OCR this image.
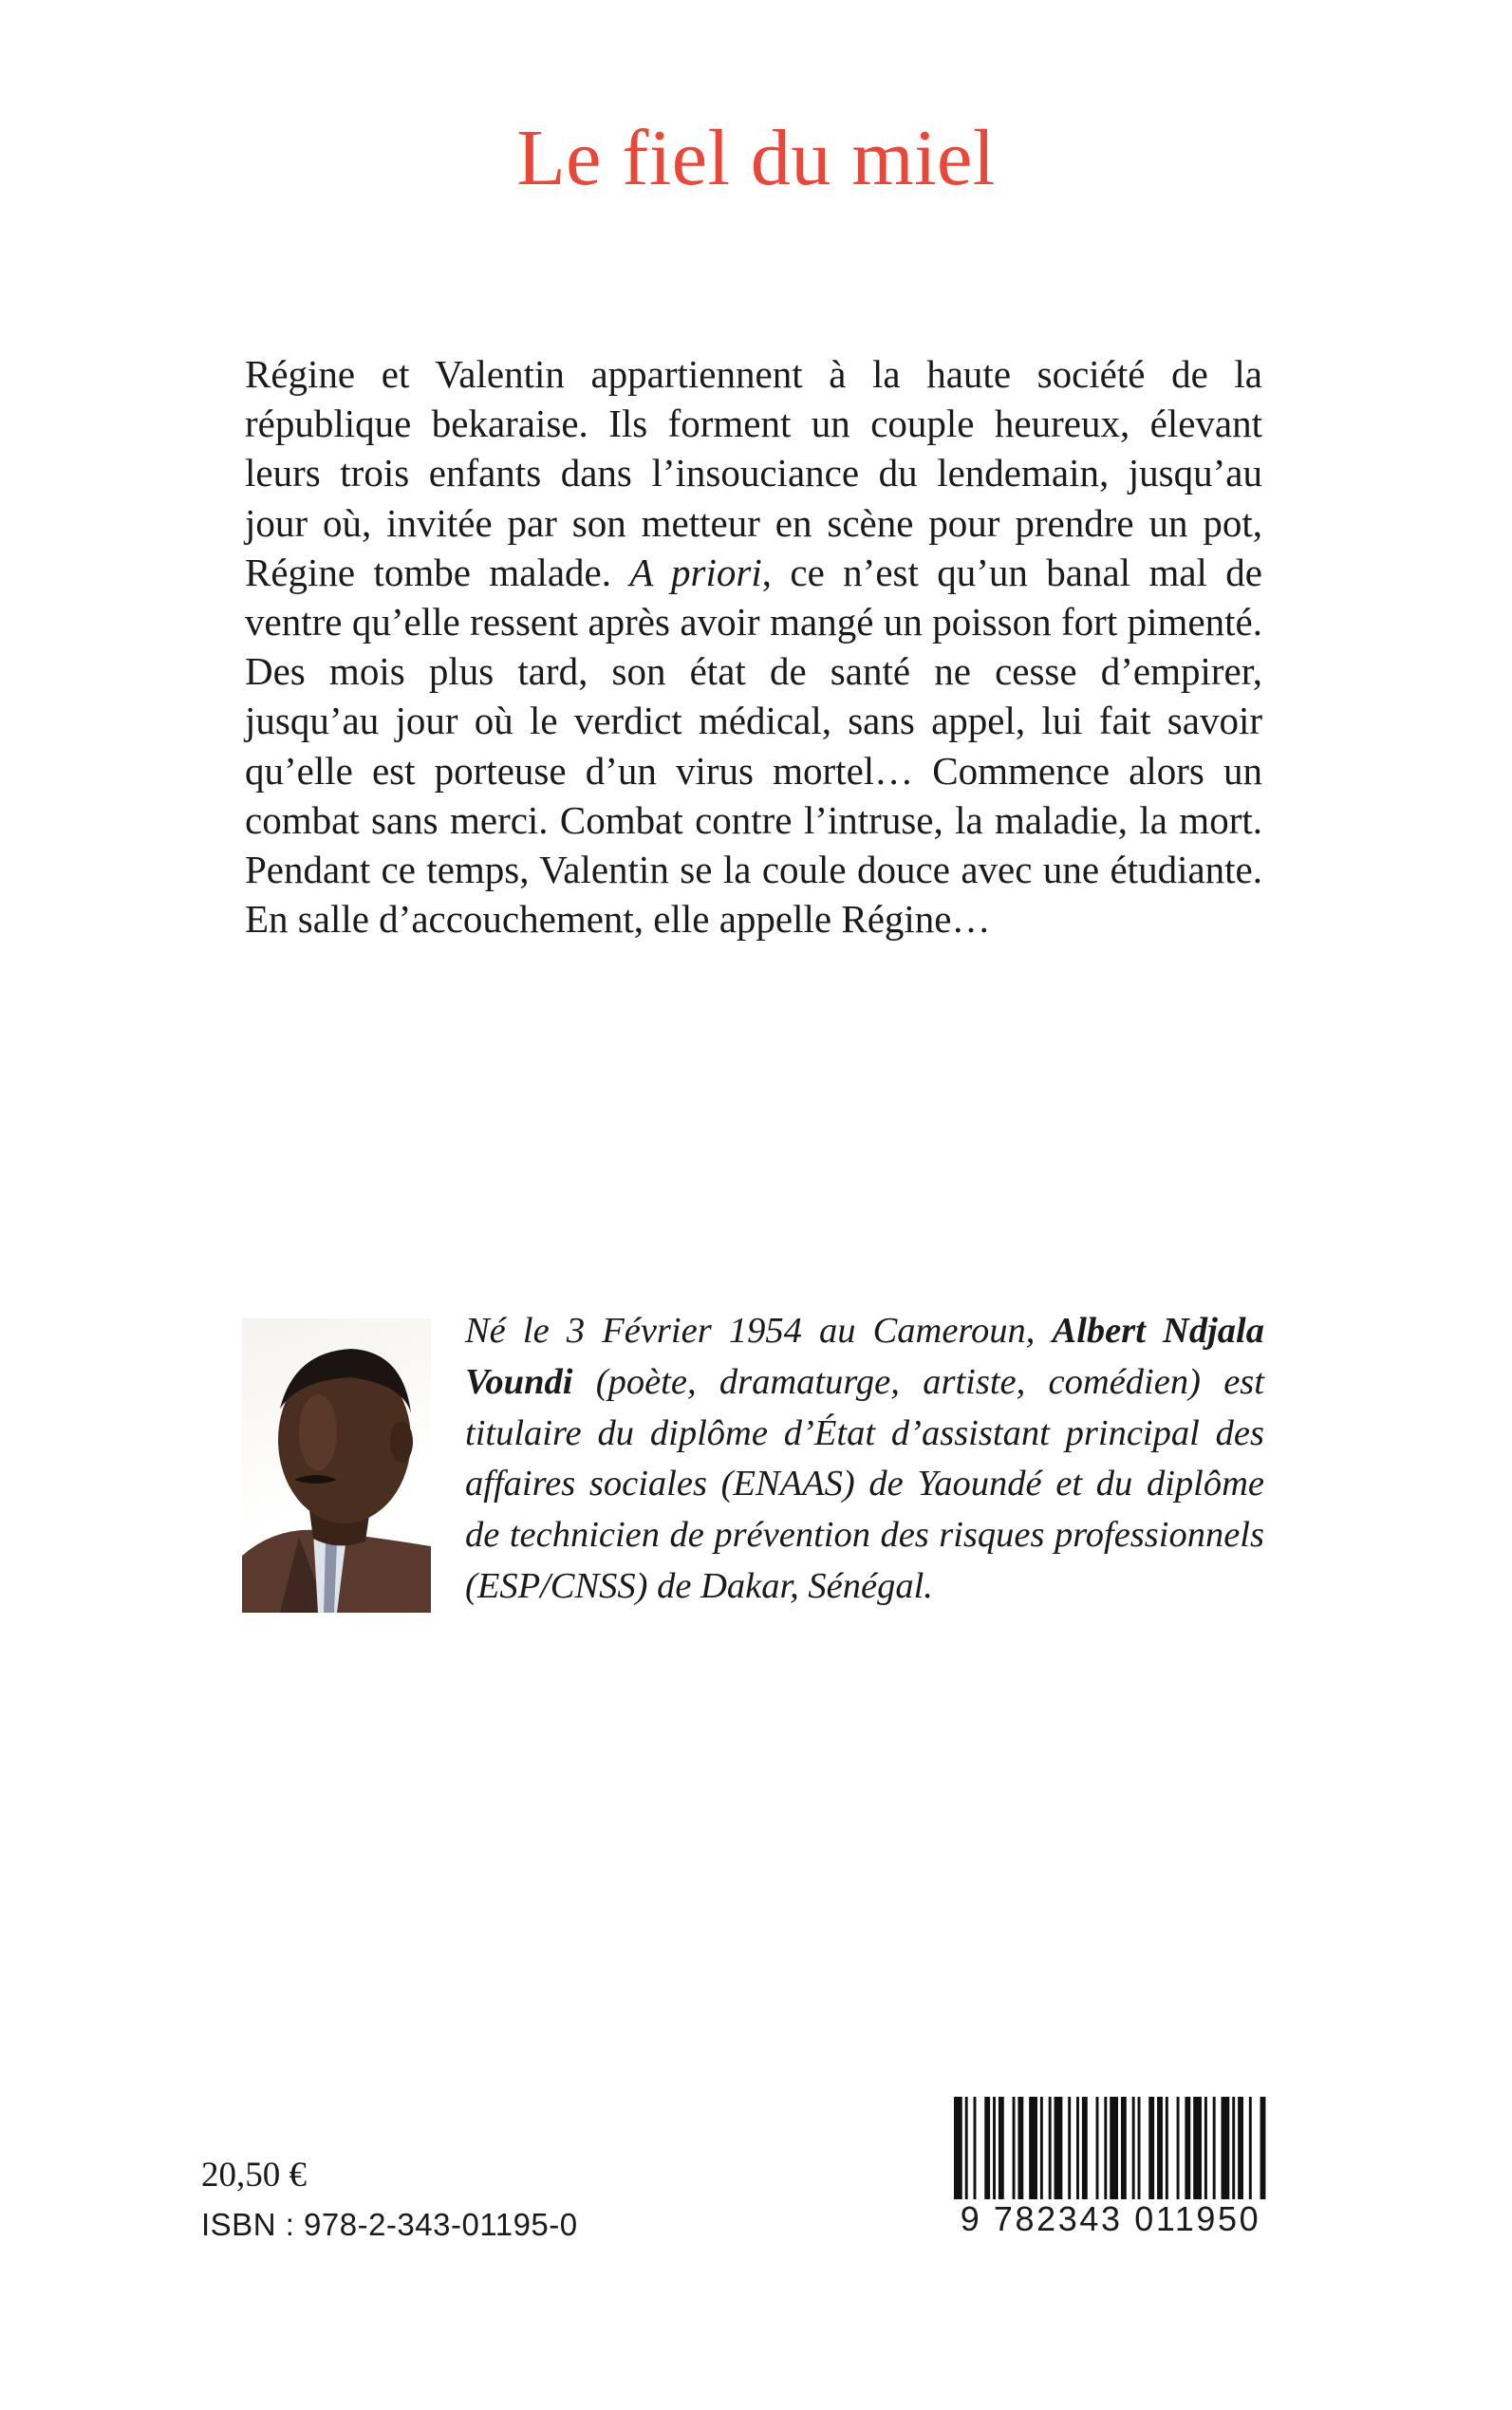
Le fiel du miel

Régine et Valentin appartiennent à la haute société de la république bekaraise. Ils forment un couple heureux, élevant leurs trois enfants dans l’insouciance du lendemain, jusqu’au jour où, invitée par son metteur en scène pour prendre un pot, Régine tombe malade. A priori, ce n’est qu’un banal mal de ventre qu’elle ressent après avoir mangé un poisson fort pimenté. Des mois plus tard, son état de santé ne cesse d’empirer, jusqu’au jour où le verdict médical, sans appel, lui fait savoir qu’elle est porteuse d’un virus mortel… Commence alors un combat sans merci. Combat contre l’intruse, la maladie, la mort. Pendant ce temps, Valentin se la coule douce avec une étudiante. En salle d’accouchement, elle appelle Régine…

Né le 3 Février 1954 au Cameroun, Albert Ndjala Voundi (poète, dramaturge, artiste, comédien) est titulaire du diplôme d’État d’assistant principal des affaires sociales (ENAAS) de Yaoundé et du diplôme de technicien de prévention des risques professionnels (ESP/CNSS) de Dakar, Sénégal.

20,50 €
ISBN : 978-2-343-01195-0	9 782343 011950
